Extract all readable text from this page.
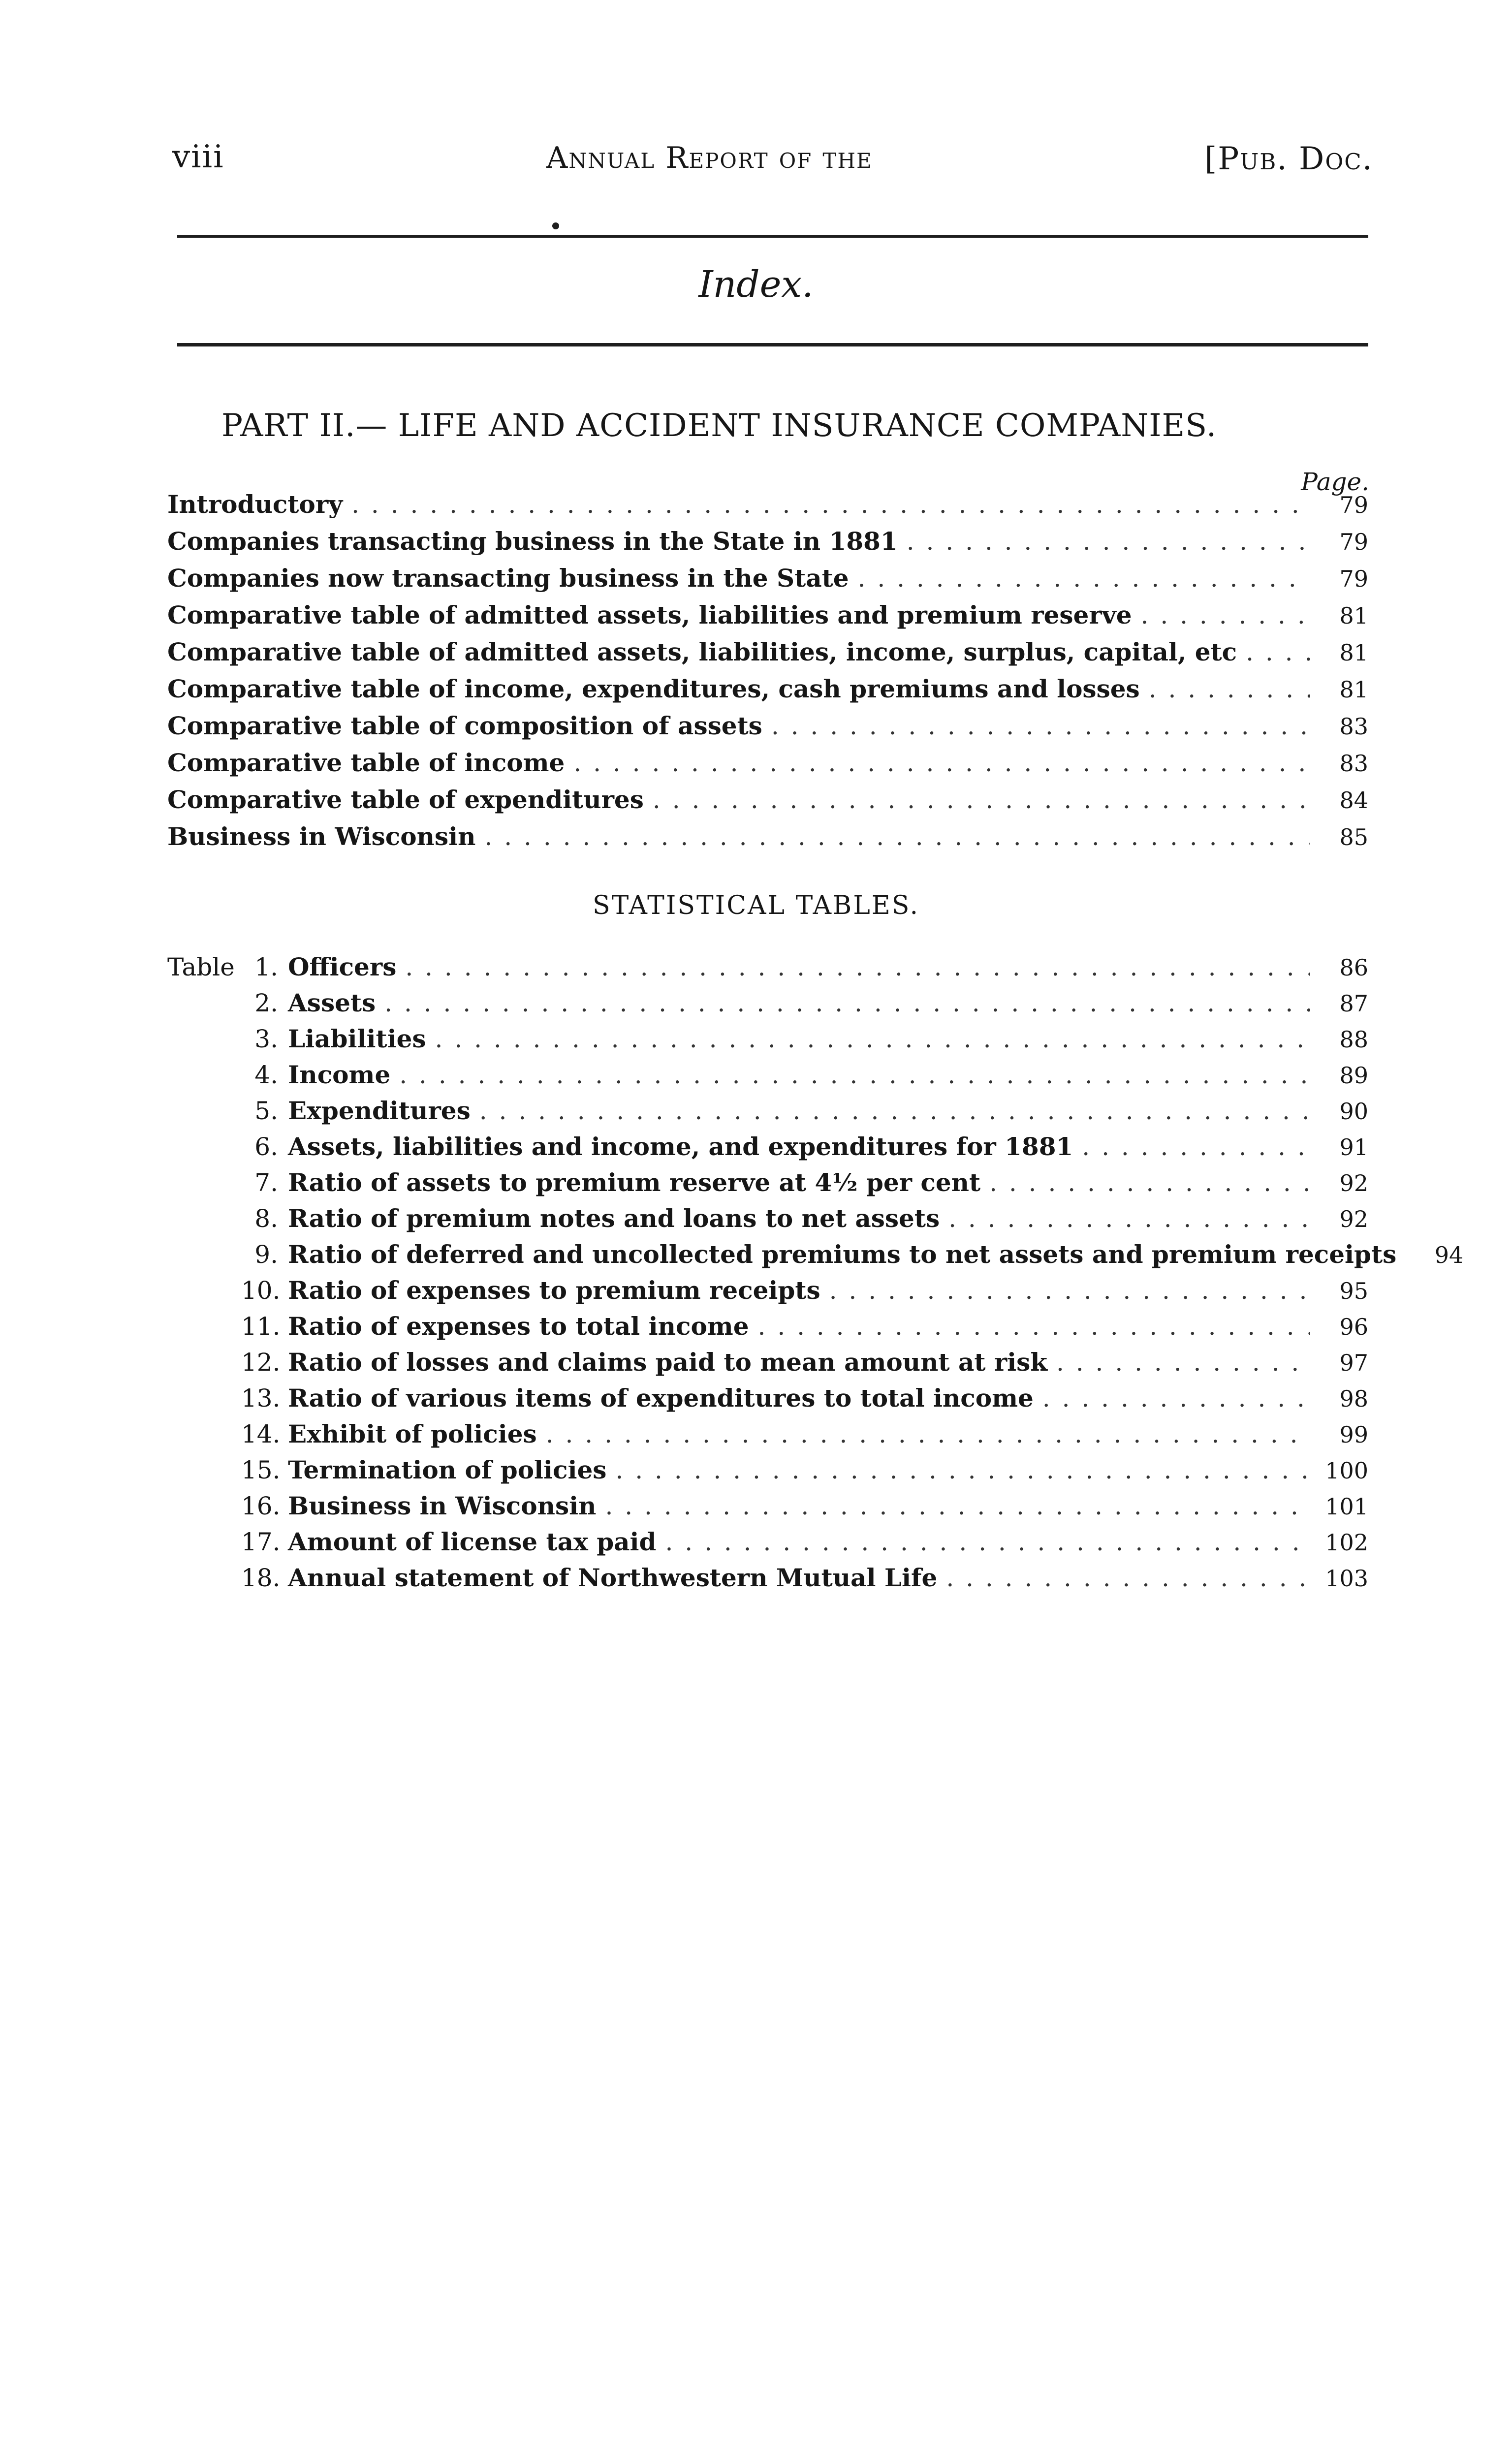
viii	Annual Report of the	[Pub. Doc.
Index.
PART II.— LIFE AND ACCIDENT INSURANCE COMPANIES.
Page.
Introductory . . .	79
Companies transacting business in the State in 1881 . . .	79
Companies now transacting business in the State . . .	79
Comparative table of admitted assets, liabilities and premium reserve . . .	81
Comparative table of admitted assets, liabilities, income, surplus, capital, etc . . .	81
Comparative table of income, expenditures, cash premiums and losses . . .	81
Comparative table of composition of assets . . .	83
Comparative table of income . . .	83
Comparative table of expenditures . . .	84
Business in Wisconsin . . .	85
STATISTICAL TABLES.
Table 1. Officers . . .	86
2. Assets . . .	87
3. Liabilities . . .	88
4. Income . . .	89
5. Expenditures . . .	90
6. Assets, liabilities and income, and expenditures for 1881 . . .	91
7. Ratio of assets to premium reserve at 4½ per cent . . .	92
8. Ratio of premium notes and loans to net assets . . .	92
9. Ratio of deferred and uncollected premiums to net assets and premium receipts	94
10. Ratio of expenses to premium receipts . . .	95
11. Ratio of expenses to total income . . .	96
12. Ratio of losses and claims paid to mean amount at risk . . .	97
13. Ratio of various items of expenditures to total income . . .	98
14. Exhibit of policies . . .	99
15. Termination of policies . . .	100
16. Business in Wisconsin . . .	101
17. Amount of license tax paid . . .	102
18. Annual statement of Northwestern Mutual Life . . .	103
